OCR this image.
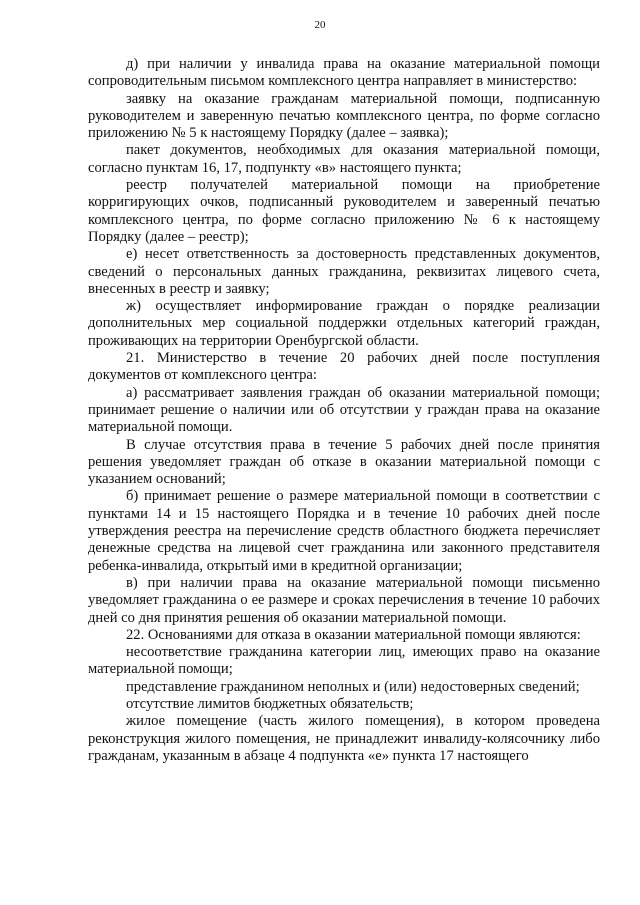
20

д) при наличии у инвалида права на оказание материальной помощи сопроводительным письмом комплексного центра направляет в министерство:

заявку на оказание гражданам материальной помощи, подписанную руководителем и заверенную печатью комплексного центра, по форме согласно приложению № 5 к настоящему Порядку (далее – заявка);

пакет документов, необходимых для оказания материальной помощи, согласно пунктам 16, 17, подпункту «в» настоящего пункта;

реестр получателей материальной помощи на приобретение корригирующих очков, подписанный руководителем и заверенный печатью комплексного центра, по форме согласно приложению № 6 к настоящему Порядку (далее – реестр);

е) несет ответственность за достоверность представленных документов, сведений о персональных данных гражданина, реквизитах лицевого счета, внесенных в реестр и заявку;

ж) осуществляет информирование граждан о порядке реализации дополнительных мер социальной поддержки отдельных категорий граждан, проживающих на территории Оренбургской области.

21. Министерство в течение 20 рабочих дней после поступления документов от комплексного центра:

а) рассматривает заявления граждан об оказании материальной помощи; принимает решение о наличии или об отсутствии у граждан права на оказание материальной помощи.

В случае отсутствия права в течение 5 рабочих дней после принятия решения уведомляет граждан об отказе в оказании материальной помощи с указанием оснований;

б) принимает решение о размере материальной помощи в соответствии с пунктами 14 и 15 настоящего Порядка и в течение 10 рабочих дней после утверждения реестра на перечисление средств областного бюджета перечисляет денежные средства на лицевой счет гражданина или законного представителя ребенка-инвалида, открытый ими в кредитной организации;

в) при наличии права на оказание материальной помощи письменно уведомляет гражданина о ее размере и сроках перечисления в течение 10 рабочих дней со дня принятия решения об оказании материальной помощи.

22. Основаниями для отказа в оказании материальной помощи являются:

несоответствие гражданина категории лиц, имеющих право на оказание материальной помощи;

представление гражданином неполных и (или) недостоверных сведений;

отсутствие лимитов бюджетных обязательств;

жилое помещение (часть жилого помещения), в котором проведена реконструкция жилого помещения, не принадлежит инвалиду-колясочнику либо гражданам, указанным в абзаце 4 подпункта «е» пункта 17 настоящего
